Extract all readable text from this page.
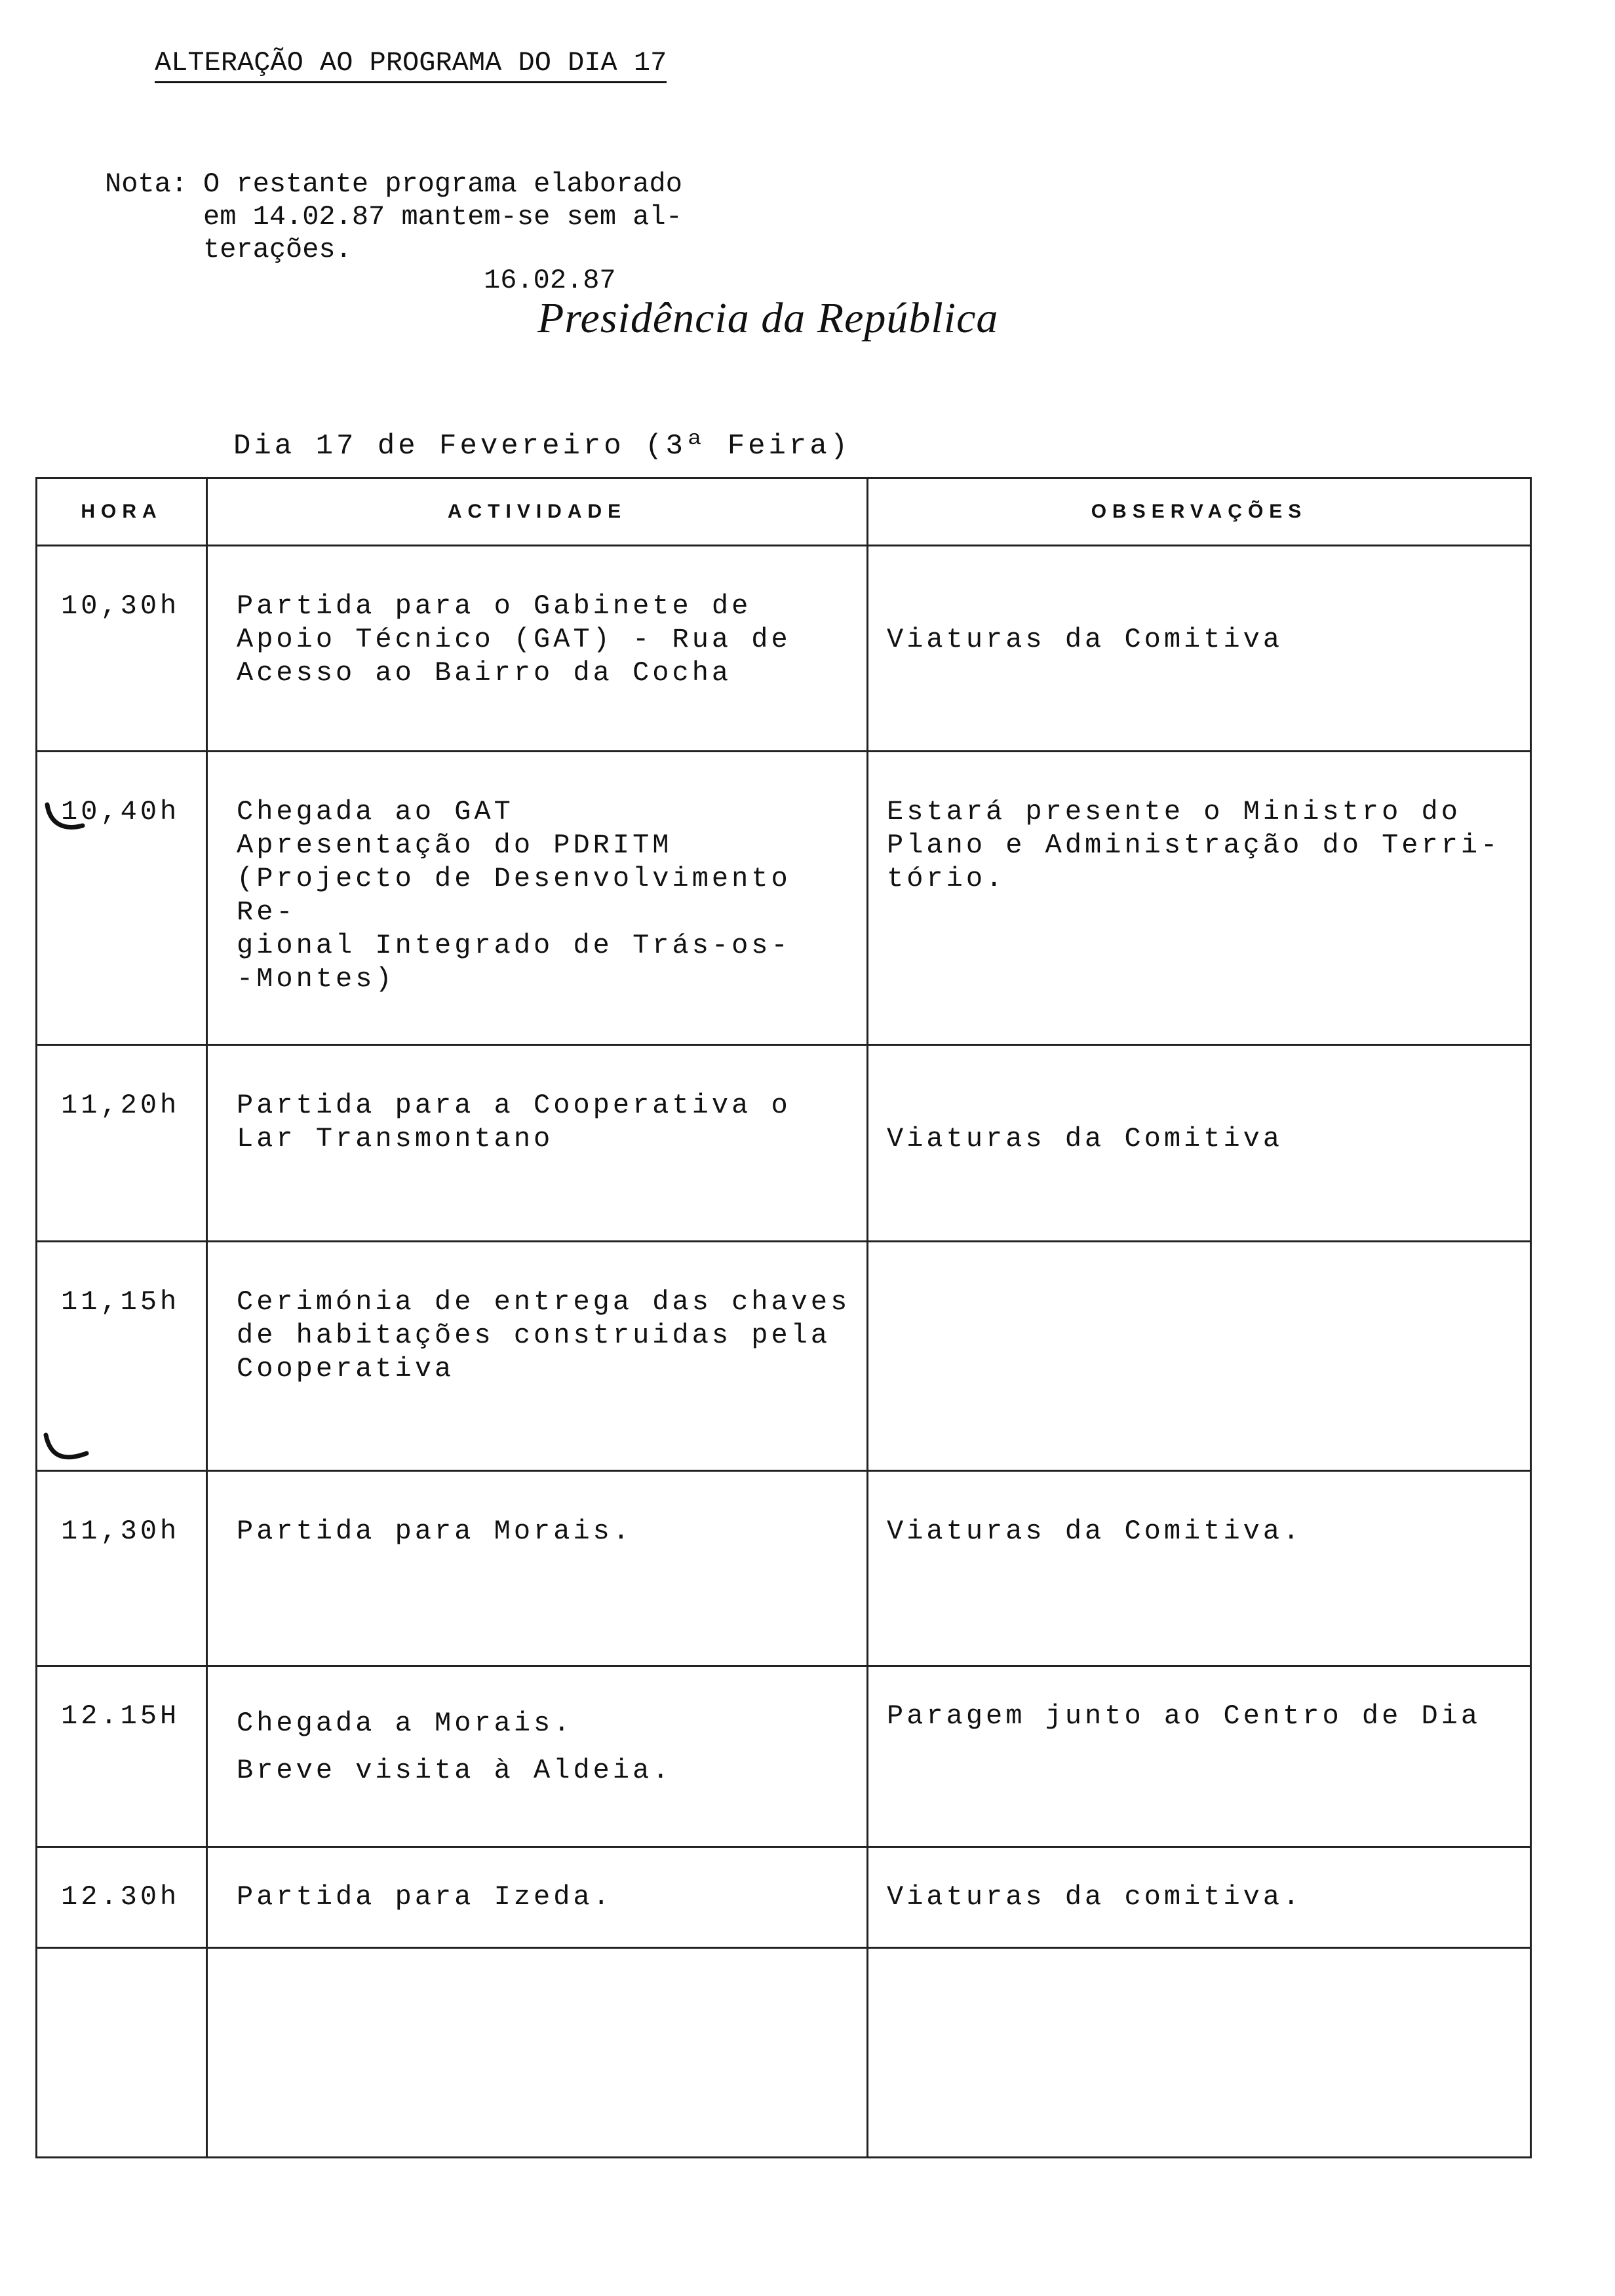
ALTERAÇÃO AO PROGRAMA DO DIA 17
Nota: O restante programa elaborado
em 14.02.87 mantem-se sem al-
terações.
16.02.87
Presidência da República
Dia 17 de Fevereiro (3ª Feira)
HORA	ACTIVIDADE	OBSERVAÇÕES

10,30h	Partida para o Gabinete de
Apoio Técnico (GAT) - Rua de
Acesso ao Bairro da Cocha	Viaturas da Comitiva

10,40h	Chegada ao GAT
Apresentação do PDRITM
(Projecto de Desenvolvimento Re-
gional Integrado de Trás-os-
-Montes)	Estará presente o Ministro do
Plano e Administração do Terri-
tório.

11,20h	Partida para a Cooperativa o
Lar Transmontano	Viaturas da Comitiva

11,15h	Cerimónia de entrega das chaves
de habitações construidas pela
Cooperativa	

11,30h	Partida para Morais.	Viaturas da Comitiva.

12.15H	Chegada a Morais.
Breve visita à Aldeia.	Paragem junto ao Centro de Dia

12.30h	Partida para Izeda.	Viaturas da comitiva.
